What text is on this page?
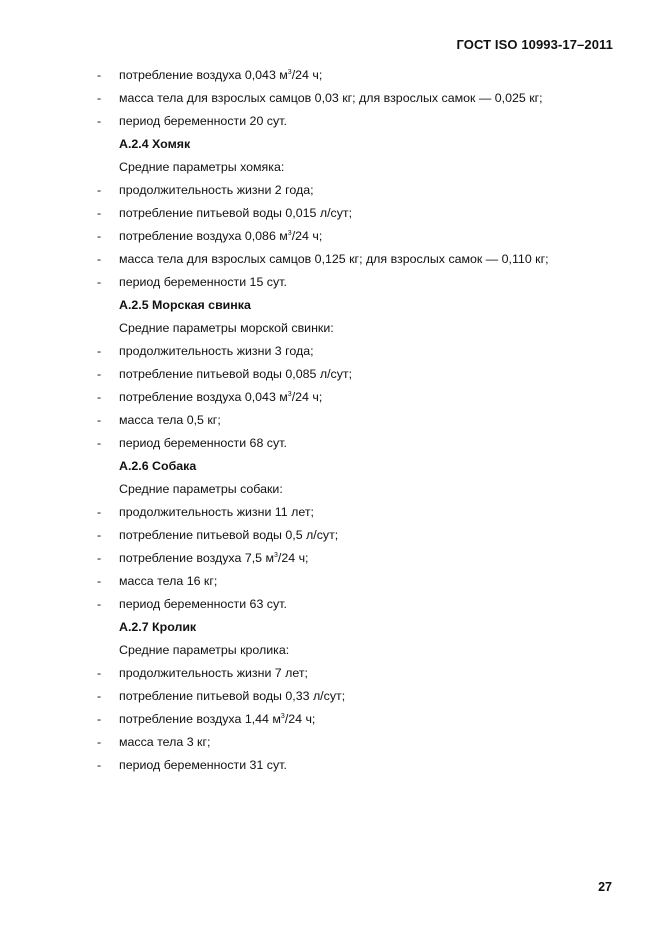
ГОСТ ISO 10993-17–2011
- потребление воздуха 0,043 $м^3/24$ ч;
- масса тела для взрослых самцов 0,03 кг; для взрослых самок — 0,025 кг;
- период беременности 20 сут.
А.2.4 Хомяк
Средние параметры хомяка:
- продолжительность жизни 2 года;
- потребление питьевой воды 0,015 л/сут;
- потребление воздуха 0,086 $м^3/24$ ч;
- масса тела для взрослых самцов 0,125 кг; для взрослых самок — 0,110 кг;
- период беременности 15 сут.
А.2.5 Морская свинка
Средние параметры морской свинки:
- продолжительность жизни 3 года;
- потребление питьевой воды 0,085 л/сут;
- потребление воздуха 0,043 $м^3/24$ ч;
- масса тела 0,5 кг;
- период беременности 68 сут.
А.2.6 Собака
Средние параметры собаки:
- продолжительность жизни 11 лет;
- потребление питьевой воды 0,5 л/сут;
- потребление воздуха 7,5 $м^3/24$ ч;
- масса тела 16 кг;
- период беременности 63 сут.
А.2.7 Кролик
Средние параметры кролика:
- продолжительность жизни 7 лет;
- потребление питьевой воды 0,33 л/сут;
- потребление воздуха 1,44 $м^3/24$ ч;
- масса тела 3 кг;
- период беременности 31 сут.
27
